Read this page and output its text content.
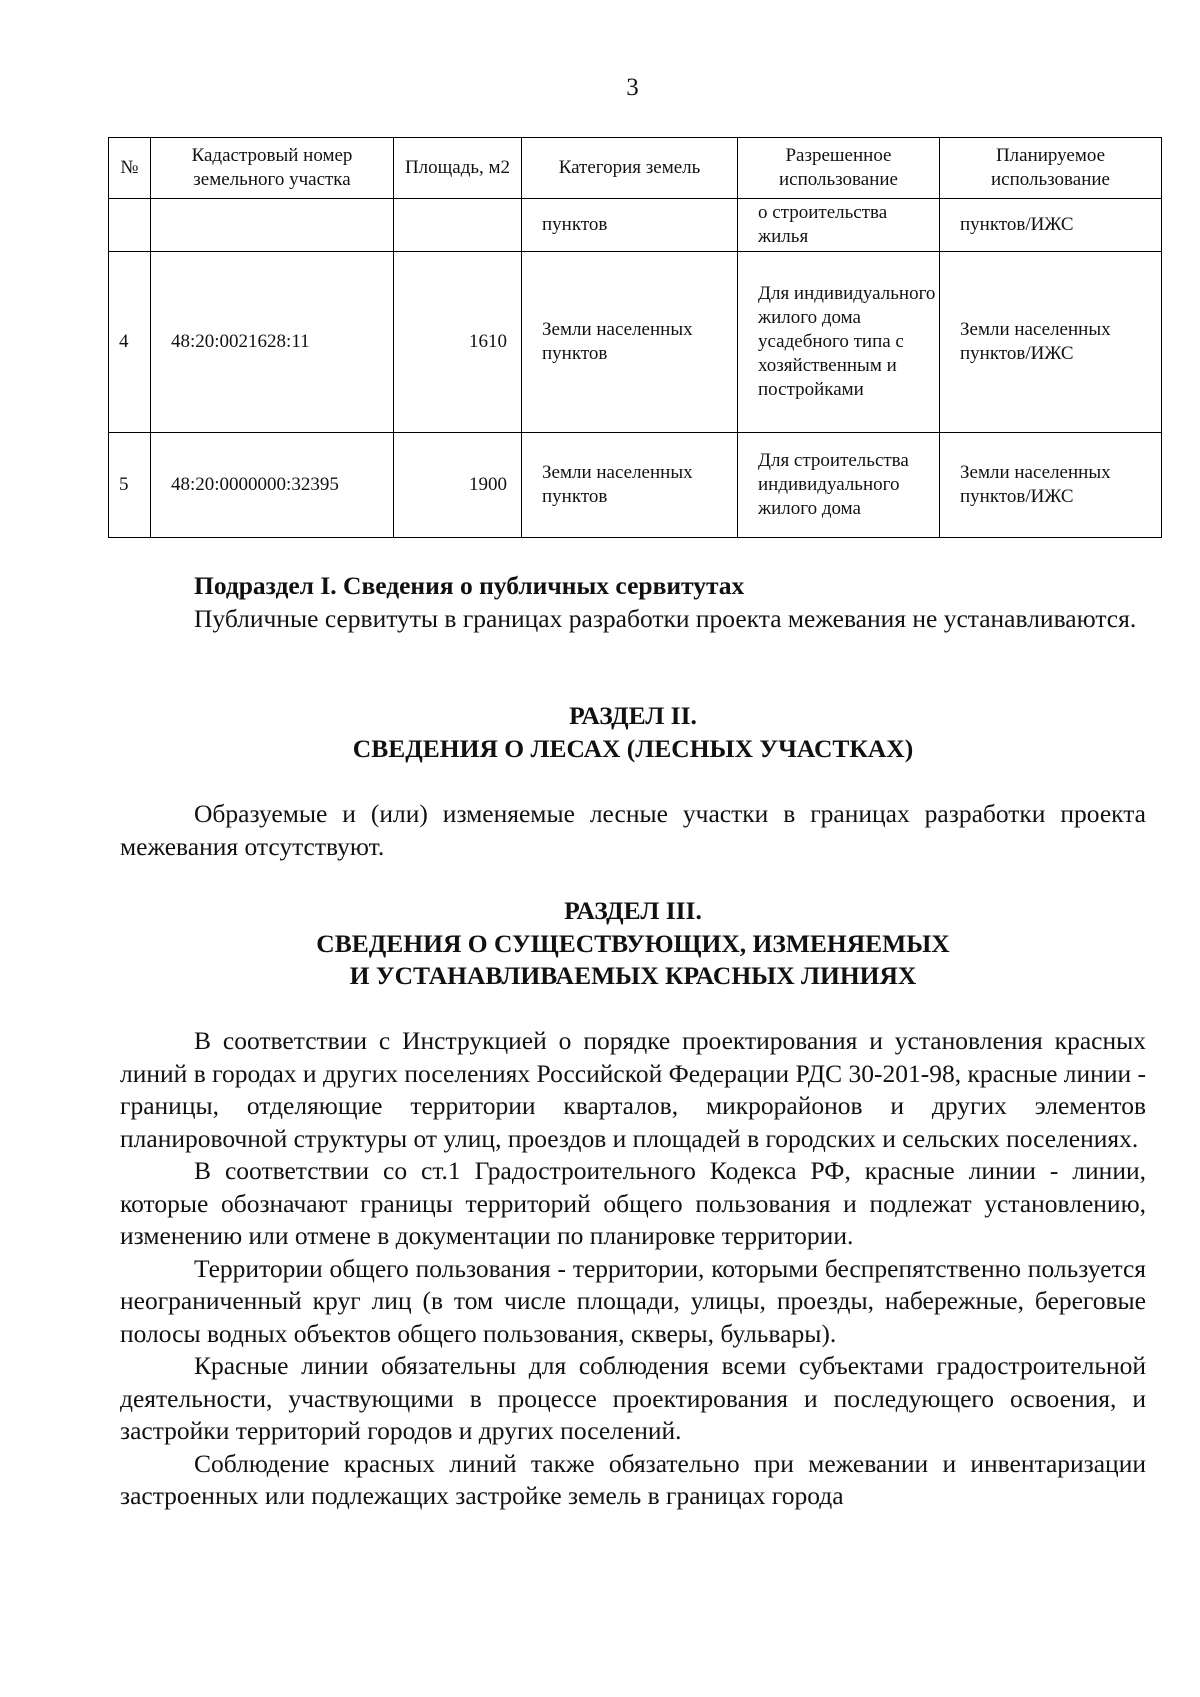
3
№	Кадастровый номер земельного участка	Площадь, м2	Категория земель	Разрешенное использование	Планируемое использование
			пунктов	о строительства жилья	пунктов/ИЖС
4	48:20:0021628:11	1610	Земли населенных пунктов	Для индивидуального жилого дома усадебного типа с хозяйственным и постройками	Земли населенных пунктов/ИЖС
5	48:20:0000000:32395	1900	Земли населенных пунктов	Для строительства индивидуального жилого дома	Земли населенных пунктов/ИЖС

Подраздел I. Сведения о публичных сервитутах

Публичные сервитуты в границах разработки проекта межевания не устанавливаются.

РАЗДЕЛ II.
СВЕДЕНИЯ О ЛЕСАХ (ЛЕСНЫХ УЧАСТКАХ)

Образуемые и (или) изменяемые лесные участки в границах разработки проекта межевания отсутствуют.

РАЗДЕЛ III.
СВЕДЕНИЯ О СУЩЕСТВУЮЩИХ, ИЗМЕНЯЕМЫХ
И УСТАНАВЛИВАЕМЫХ КРАСНЫХ ЛИНИЯХ

В соответствии с Инструкцией о порядке проектирования и установления красных линий в городах и других поселениях Российской Федерации РДС 30-201-98, красные линии - границы, отделяющие территории кварталов, микрорайонов и других элементов планировочной структуры от улиц, проездов и площадей в городских и сельских поселениях.

В соответствии со ст.1 Градостроительного Кодекса РФ, красные линии - линии, которые обозначают границы территорий общего пользования и подлежат установлению, изменению или отмене в документации по планировке территории.

Территории общего пользования - территории, которыми беспрепятственно пользуется неограниченный круг лиц (в том числе площади, улицы, проезды, набережные, береговые полосы водных объектов общего пользования, скверы, бульвары).

Красные линии обязательны для соблюдения всеми субъектами градостроительной деятельности, участвующими в процессе проектирования и последующего освоения, и застройки территорий городов и других поселений.

Соблюдение красных линий также обязательно при межевании и инвентаризации застроенных или подлежащих застройке земель в границах города
